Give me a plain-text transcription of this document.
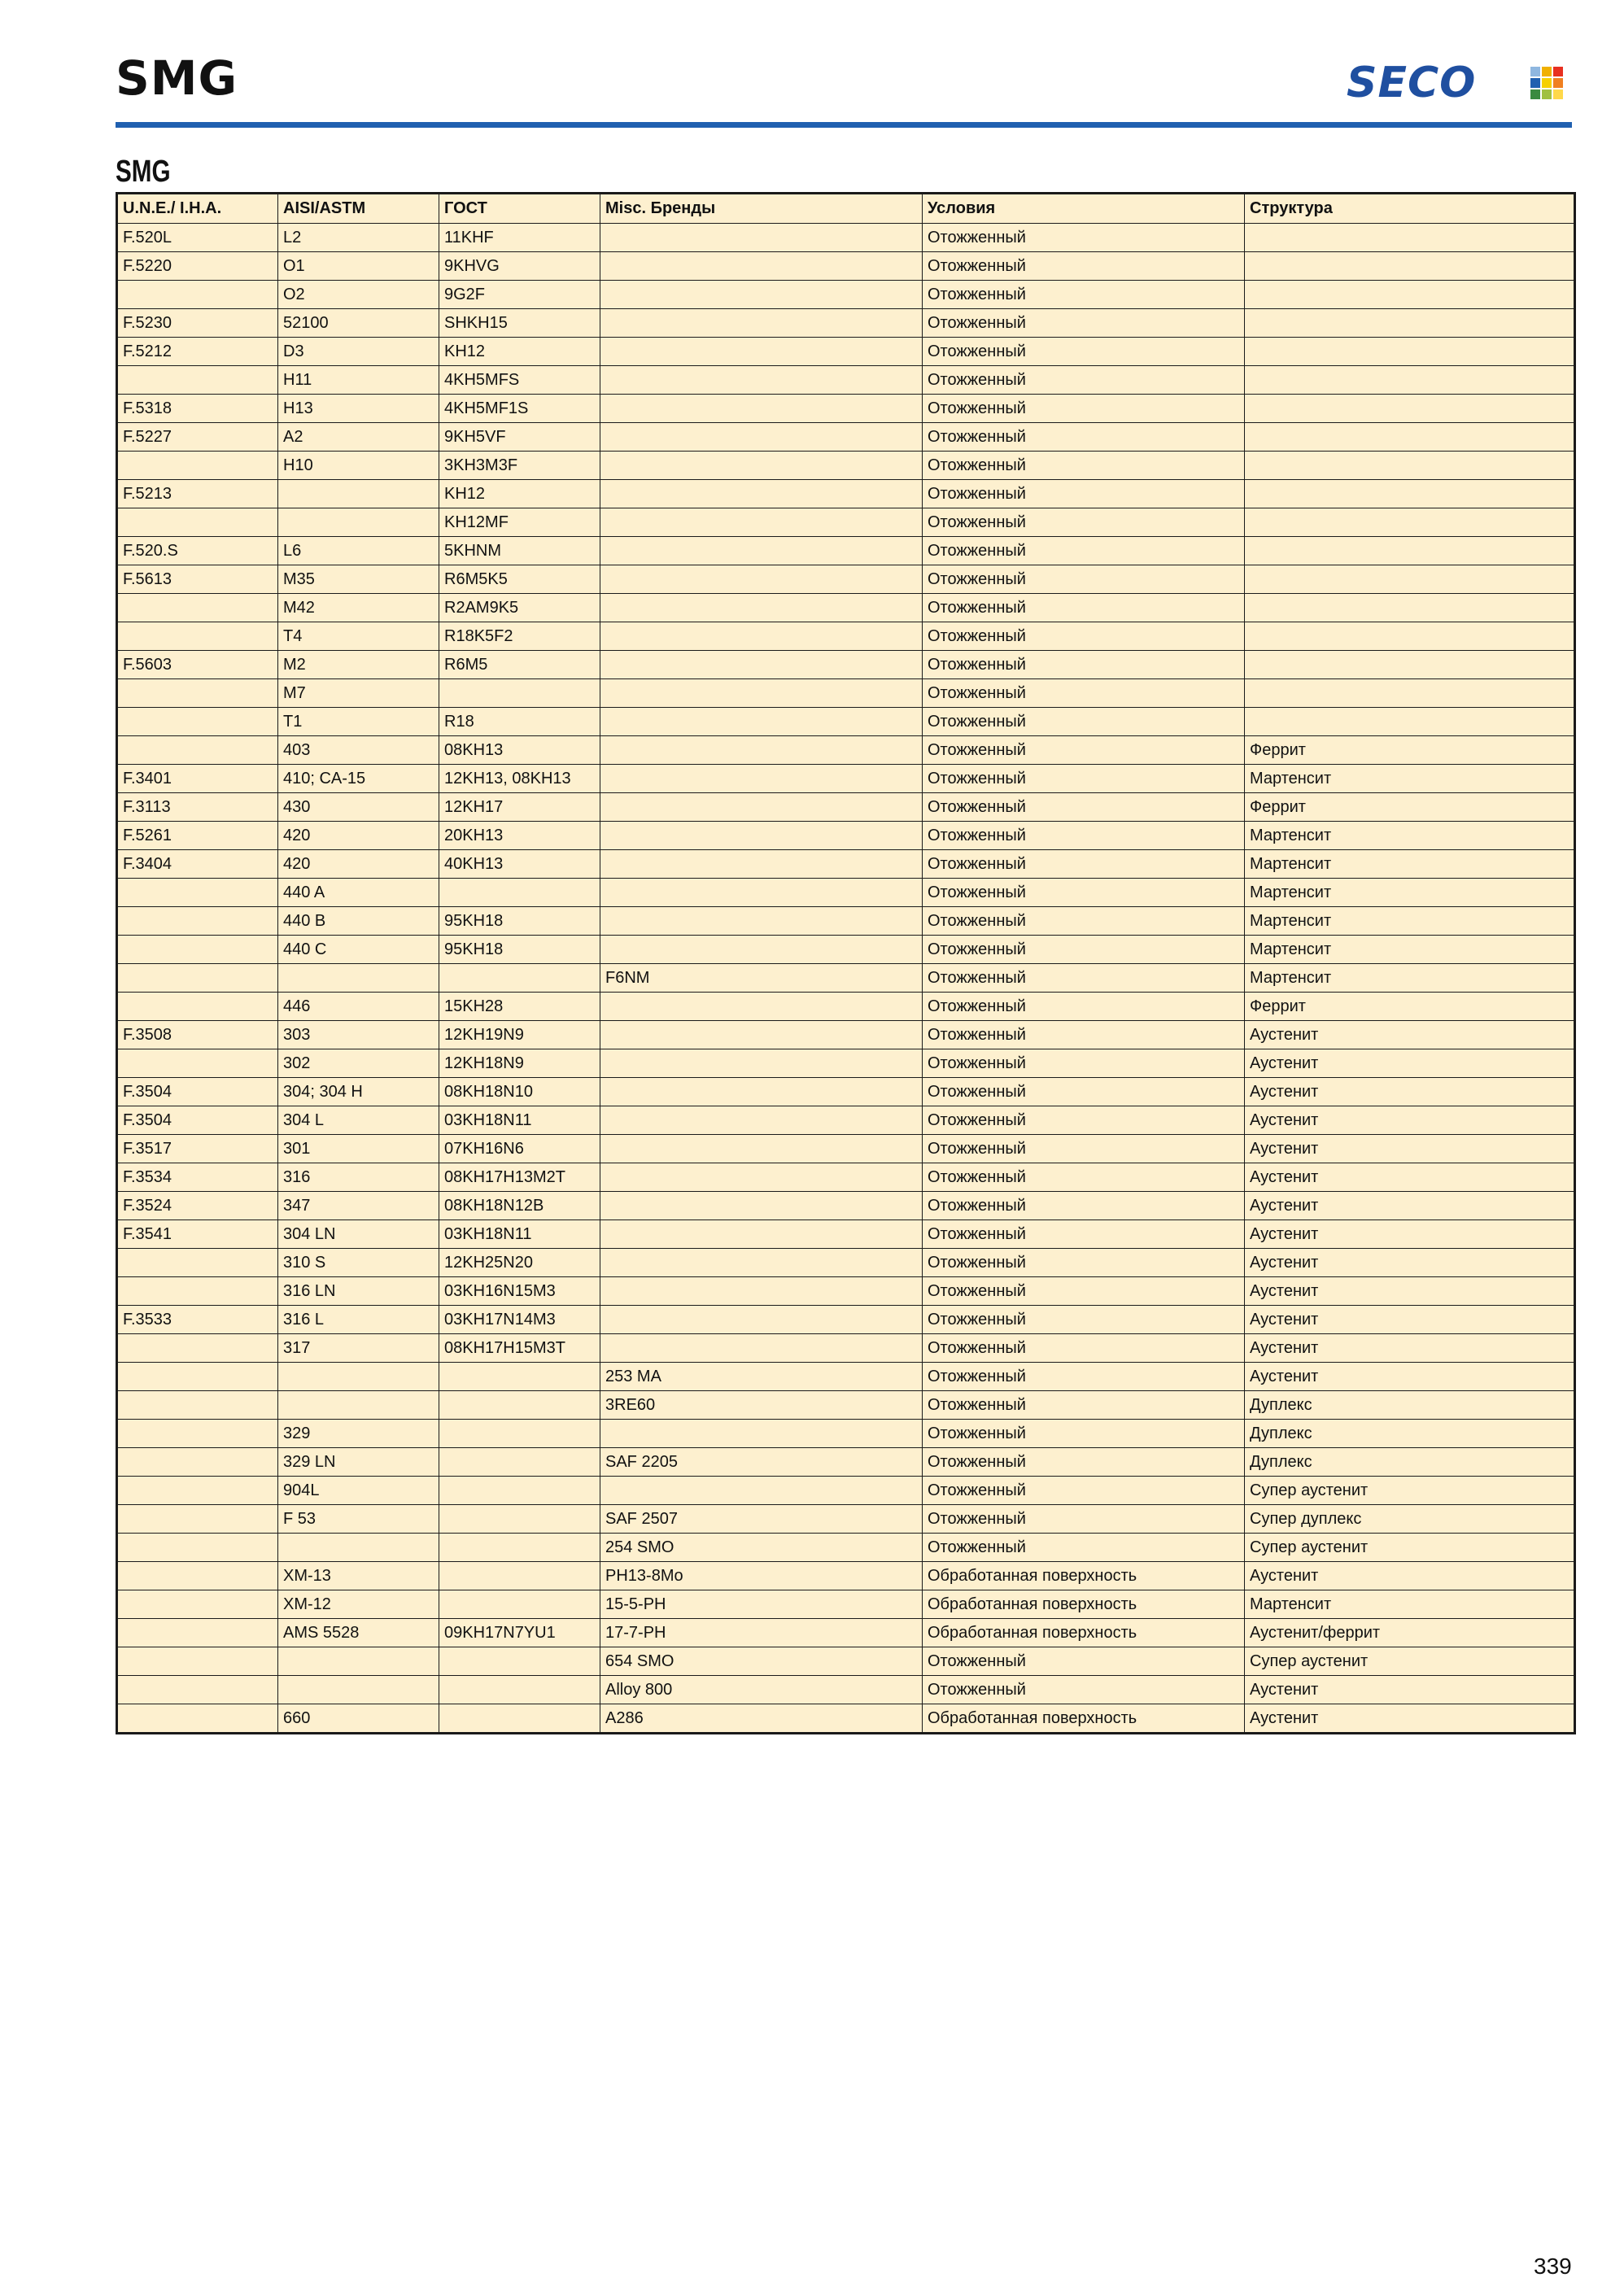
SMG	SECO
SMG
U.N.E./ I.H.A.	AISI/ASTM	ГОСТ	Misc. Бренды	Условия	Структура
F.520L	L2	11KHF		Отожженный	
F.5220	O1	9KHVG		Отожженный	
	O2	9G2F		Отожженный	
F.5230	52100	SHKH15		Отожженный	
F.5212	D3	KH12		Отожженный	
	H11	4KH5MFS		Отожженный	
F.5318	H13	4KH5MF1S		Отожженный	
F.5227	A2	9KH5VF		Отожженный	
	H10	3KH3M3F		Отожженный	
F.5213		KH12		Отожженный	
		KH12MF		Отожженный	
F.520.S	L6	5KHNM		Отожженный	
F.5613	M35	R6M5K5		Отожженный	
	M42	R2AM9K5		Отожженный	
	T4	R18K5F2		Отожженный	
F.5603	M2	R6M5		Отожженный	
	M7			Отожженный	
	T1	R18		Отожженный	
	403	08KH13		Отожженный	Феррит
F.3401	410; CA-15	12KH13, 08KH13		Отожженный	Мартенсит
F.3113	430	12KH17		Отожженный	Феррит
F.5261	420	20KH13		Отожженный	Мартенсит
F.3404	420	40KH13		Отожженный	Мартенсит
	440 A			Отожженный	Мартенсит
	440 B	95KH18		Отожженный	Мартенсит
	440 C	95KH18		Отожженный	Мартенсит
			F6NM	Отожженный	Мартенсит
	446	15KH28		Отожженный	Феррит
F.3508	303	12KH19N9		Отожженный	Аустенит
	302	12KH18N9		Отожженный	Аустенит
F.3504	304; 304 H	08KH18N10		Отожженный	Аустенит
F.3504	304 L	03KH18N11		Отожженный	Аустенит
F.3517	301	07KH16N6		Отожженный	Аустенит
F.3534	316	08KH17H13M2T		Отожженный	Аустенит
F.3524	347	08KH18N12B		Отожженный	Аустенит
F.3541	304 LN	03KH18N11		Отожженный	Аустенит
	310 S	12KH25N20		Отожженный	Аустенит
	316 LN	03KH16N15M3		Отожженный	Аустенит
F.3533	316 L	03KH17N14M3		Отожженный	Аустенит
	317	08KH17H15M3T		Отожженный	Аустенит
			253 MA	Отожженный	Аустенит
			3RE60	Отожженный	Дуплекс
	329			Отожженный	Дуплекс
	329 LN		SAF 2205	Отожженный	Дуплекс
	904L			Отожженный	Супер аустенит
	F 53		SAF 2507	Отожженный	Супер дуплекс
			254 SMO	Отожженный	Супер аустенит
	XM-13		PH13-8Mo	Обработанная поверхность	Аустенит
	XM-12		15-5-PH	Обработанная поверхность	Мартенсит
	AMS 5528	09KH17N7YU1	17-7-PH	Обработанная поверхность	Аустенит/феррит
			654 SMO	Отожженный	Супер аустенит
			Alloy 800	Отожженный	Аустенит
	660		A286	Обработанная поверхность	Аустенит
339
